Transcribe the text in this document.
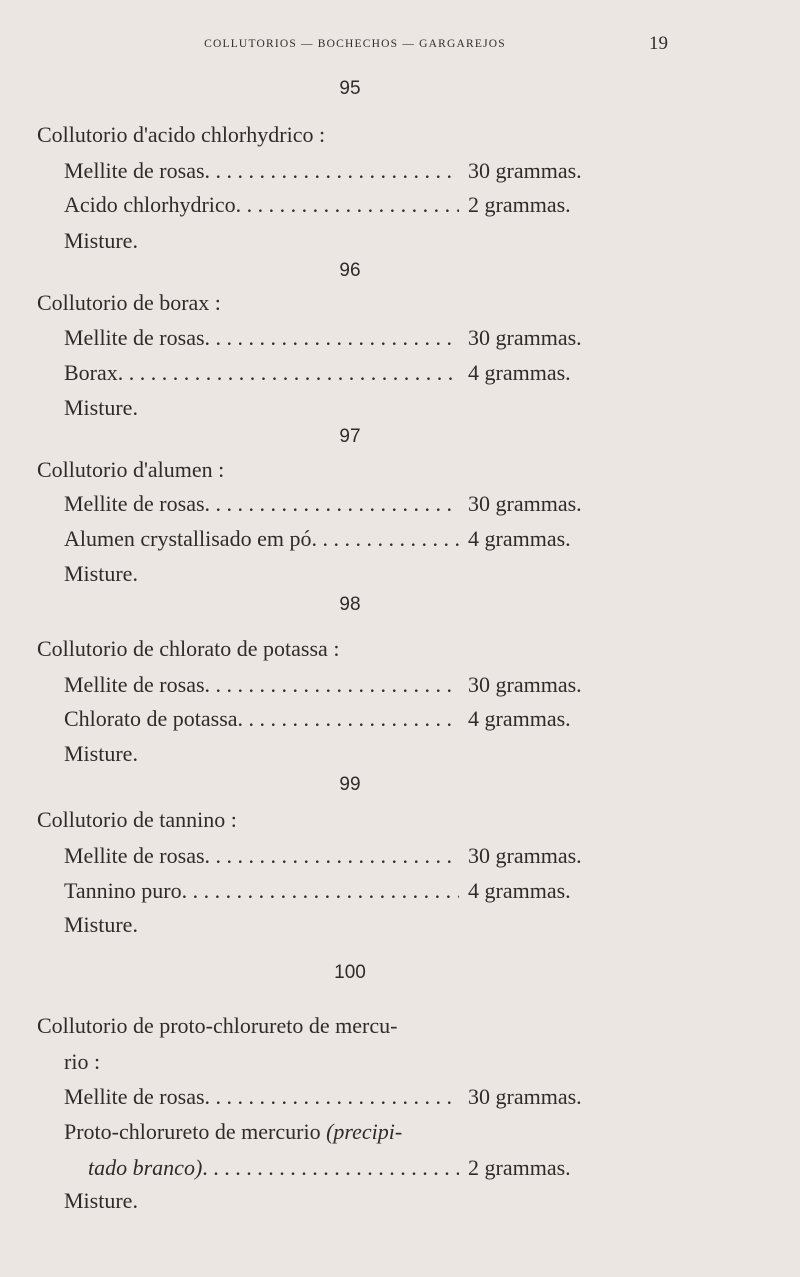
COLLUTORIOS — BOCHECHOS — GARGAREJOS	19
95
Collutorio d'acido chlorhydrico :
Mellite de rosas . . .	30 grammas.
Acido chlorhydrico . . .	2 grammas.
Misture.
96
Collutorio de borax :
Mellite de rosas . . .	30 grammas.
Borax . . .	4 grammas.
Misture.
97
Collutorio d'alumen :
Mellite de rosas . . .	30 grammas.
Alumen crystallisado em pó . . .	4 grammas.
Misture.
98
Collutorio de chlorato de potassa :
Mellite de rosas . . .	30 grammas.
Chlorato de potassa . . .	4 grammas.
Misture.
99
Collutorio de tannino :
Mellite de rosas . . .	30 grammas.
Tannino puro . . .	4 grammas.
Misture.
100
Collutorio de proto-chlorureto de mercu-
rio :
Mellite de rosas . . .	30 grammas.
Proto-chlorureto de mercurio (precipi-
tado branco) . . .	2 grammas.
Misture.
